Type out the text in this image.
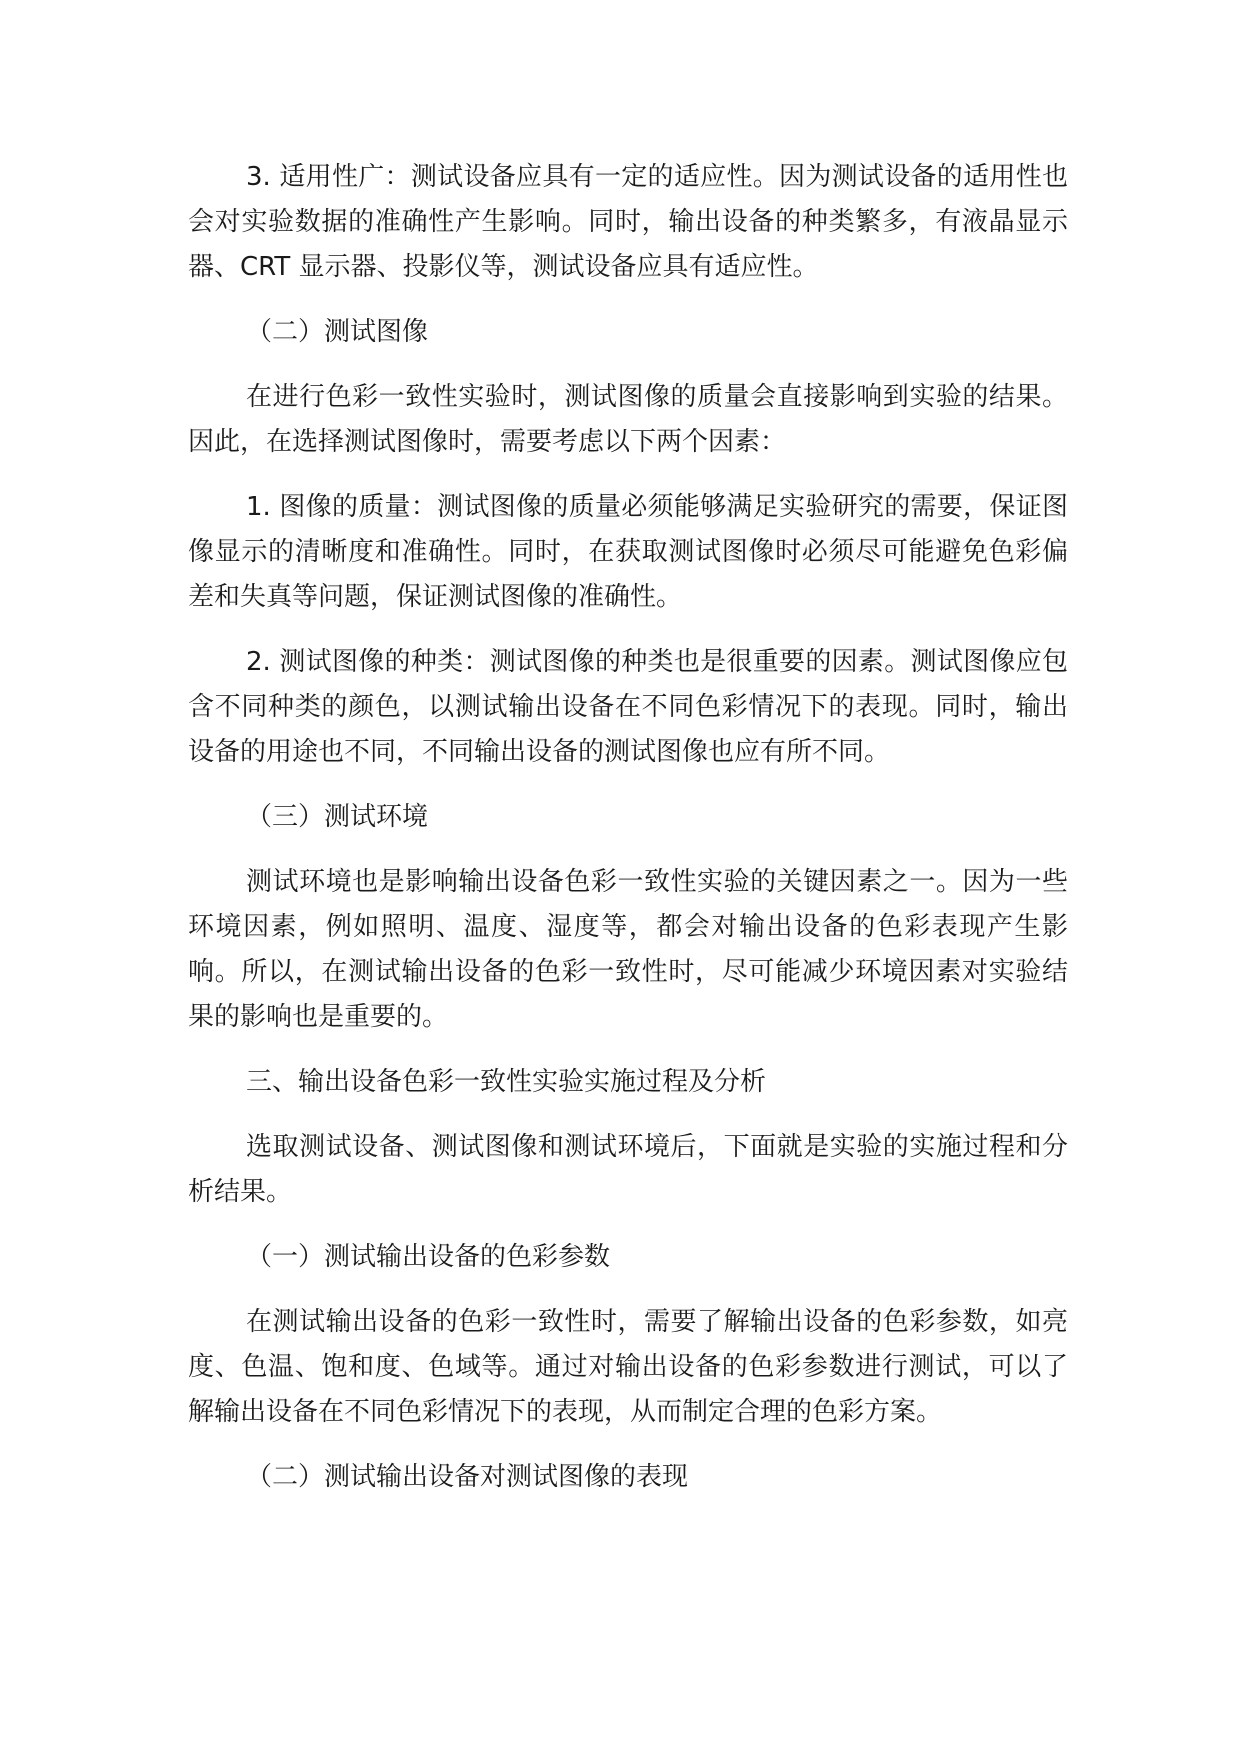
3. 适用性广：测试设备应具有一定的适应性。因为测试设备的适用性也会对实验数据的准确性产生影响。同时，输出设备的种类繁多，有液晶显示器、CRT 显示器、投影仪等，测试设备应具有适应性。

（二）测试图像

在进行色彩一致性实验时，测试图像的质量会直接影响到实验的结果。因此，在选择测试图像时，需要考虑以下两个因素：

1. 图像的质量：测试图像的质量必须能够满足实验研究的需要，保证图像显示的清晰度和准确性。同时，在获取测试图像时必须尽可能避免色彩偏差和失真等问题，保证测试图像的准确性。

2. 测试图像的种类：测试图像的种类也是很重要的因素。测试图像应包含不同种类的颜色，以测试输出设备在不同色彩情况下的表现。同时，输出设备的用途也不同，不同输出设备的测试图像也应有所不同。

（三）测试环境

测试环境也是影响输出设备色彩一致性实验的关键因素之一。因为一些环境因素，例如照明、温度、湿度等，都会对输出设备的色彩表现产生影响。所以，在测试输出设备的色彩一致性时，尽可能减少环境因素对实验结果的影响也是重要的。

三、输出设备色彩一致性实验实施过程及分析

选取测试设备、测试图像和测试环境后，下面就是实验的实施过程和分析结果。

（一）测试输出设备的色彩参数

在测试输出设备的色彩一致性时，需要了解输出设备的色彩参数，如亮度、色温、饱和度、色域等。通过对输出设备的色彩参数进行测试，可以了解输出设备在不同色彩情况下的表现，从而制定合理的色彩方案。

（二）测试输出设备对测试图像的表现
